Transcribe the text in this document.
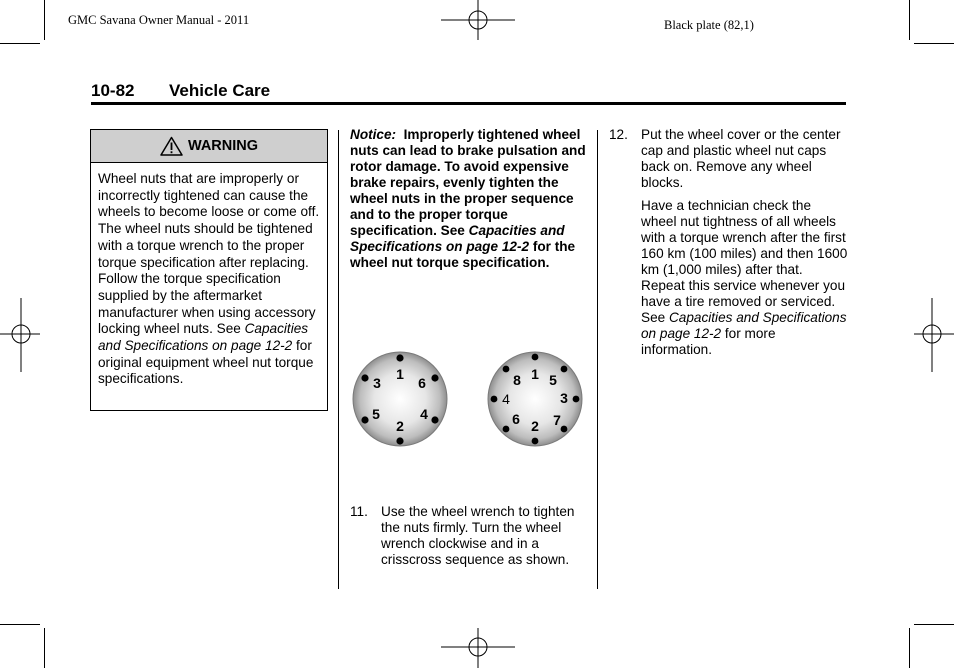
GMC Savana Owner Manual - 2011	Black plate (82,1)
10-82 Vehicle Care
WARNING
Wheel nuts that are improperly or incorrectly tightened can cause the wheels to become loose or come off. The wheel nuts should be tightened with a torque wrench to the proper torque specification after replacing. Follow the torque specification supplied by the aftermarket manufacturer when using accessory locking wheel nuts. See Capacities and Specifications on page 12-2 for original equipment wheel nut torque specifications.
Notice:  Improperly tightened wheel nuts can lead to brake pulsation and rotor damage. To avoid expensive brake repairs, evenly tighten the wheel nuts in the proper sequence and to the proper torque specification. See Capacities and Specifications on page 12-2 for the wheel nut torque specification.
1
6
4
2
5
3
1 5
3
7
2
6
4
8
11. Use the wheel wrench to tighten the nuts firmly. Turn the wheel wrench clockwise and in a crisscross sequence as shown.
12. Put the wheel cover or the center cap and plastic wheel nut caps back on. Remove any wheel blocks.
Have a technician check the wheel nut tightness of all wheels with a torque wrench after the first 160 km (100 miles) and then 1600 km (1,000 miles) after that. Repeat this service whenever you have a tire removed or serviced. See Capacities and Specifications on page 12-2 for more information.
